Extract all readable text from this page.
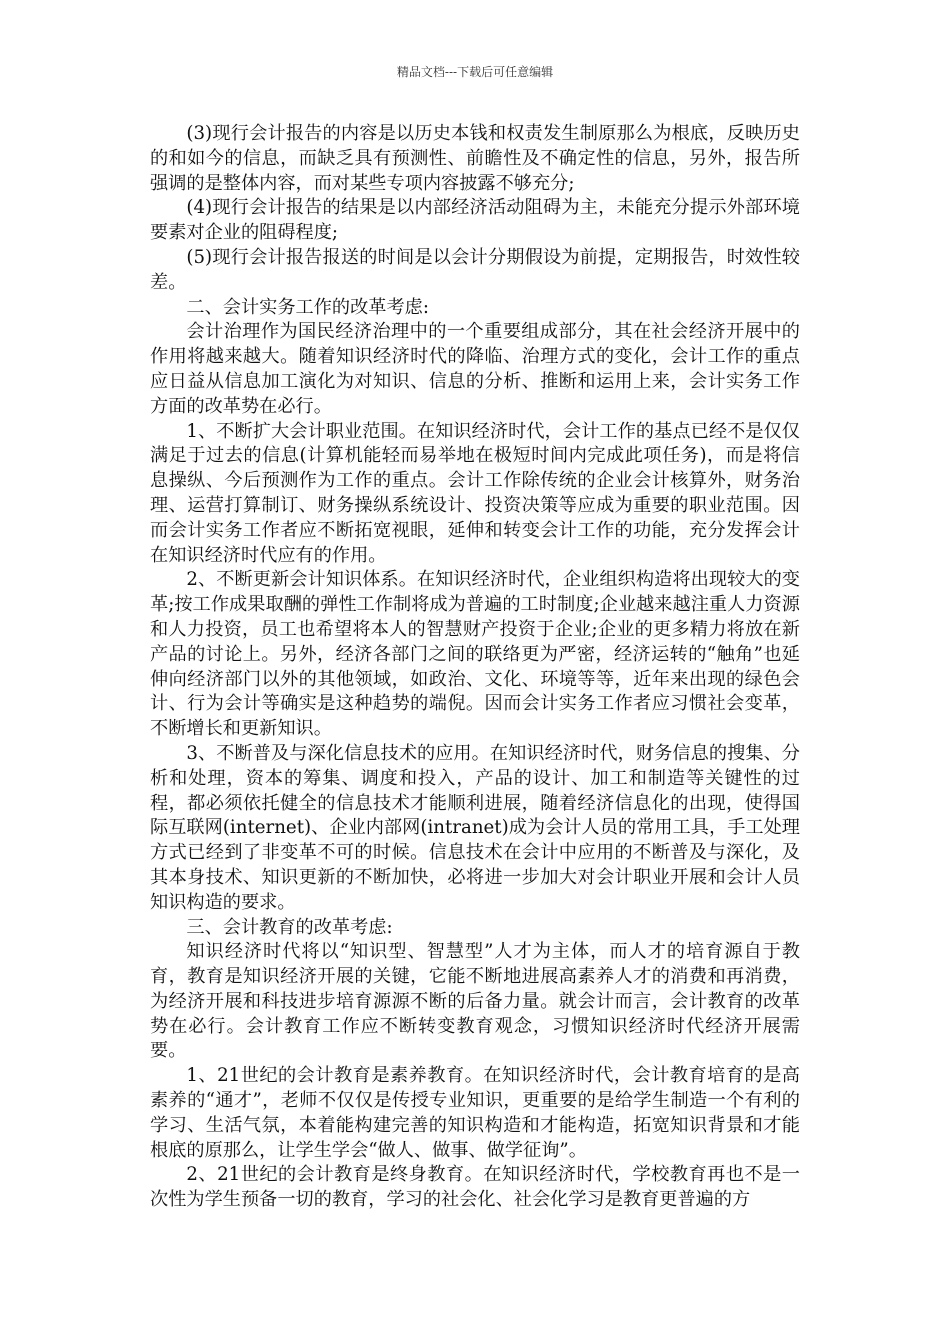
精品文档---下载后可任意编辑

(3)现行会计报告的内容是以历史本钱和权责发生制原那么为根底，反映历史的和如今的信息，而缺乏具有预测性、前瞻性及不确定性的信息，另外，报告所强调的是整体内容，而对某些专项内容披露不够充分;

(4)现行会计报告的结果是以内部经济活动阻碍为主，未能充分提示外部环境要素对企业的阻碍程度;

(5)现行会计报告报送的时间是以会计分期假设为前提，定期报告，时效性较差。

二、会计实务工作的改革考虑:

会计治理作为国民经济治理中的一个重要组成部分，其在社会经济开展中的作用将越来越大。随着知识经济时代的降临、治理方式的变化，会计工作的重点应日益从信息加工演化为对知识、信息的分析、推断和运用上来，会计实务工作方面的改革势在必行。

1、不断扩大会计职业范围。在知识经济时代，会计工作的基点已经不是仅仅满足于过去的信息(计算机能轻而易举地在极短时间内完成此项任务)，而是将信息操纵、今后预测作为工作的重点。会计工作除传统的企业会计核算外，财务治理、运营打算制订、财务操纵系统设计、投资决策等应成为重要的职业范围。因而会计实务工作者应不断拓宽视眼，延伸和转变会计工作的功能，充分发挥会计在知识经济时代应有的作用。

2、不断更新会计知识体系。在知识经济时代，企业组织构造将出现较大的变革;按工作成果取酬的弹性工作制将成为普遍的工时制度;企业越来越注重人力资源和人力投资，员工也希望将本人的智慧财产投资于企业;企业的更多精力将放在新产品的讨论上。另外，经济各部门之间的联络更为严密，经济运转的“触角”也延伸向经济部门以外的其他领域，如政治、文化、环境等等，近年来出现的绿色会计、行为会计等确实是这种趋势的端倪。因而会计实务工作者应习惯社会变革，不断增长和更新知识。

3、不断普及与深化信息技术的应用。在知识经济时代，财务信息的搜集、分析和处理，资本的筹集、调度和投入，产品的设计、加工和制造等关键性的过程，都必须依托健全的信息技术才能顺利进展，随着经济信息化的出现，使得国际互联网(internet)、企业内部网(intranet)成为会计人员的常用工具，手工处理方式已经到了非变革不可的时候。信息技术在会计中应用的不断普及与深化，及其本身技术、知识更新的不断加快，必将进一步加大对会计职业开展和会计人员知识构造的要求。

三、会计教育的改革考虑:

知识经济时代将以“知识型、智慧型”人才为主体，而人才的培育源自于教育，教育是知识经济开展的关键，它能不断地进展高素养人才的消费和再消费，为经济开展和科技进步培育源源不断的后备力量。就会计而言，会计教育的改革势在必行。会计教育工作应不断转变教育观念，习惯知识经济时代经济开展需要。

1、21世纪的会计教育是素养教育。在知识经济时代，会计教育培育的是高素养的“通才”，老师不仅仅是传授专业知识，更重要的是给学生制造一个有利的学习、生活气氛，本着能构建完善的知识构造和才能构造，拓宽知识背景和才能根底的原那么，让学生学会“做人、做事、做学征询”。

2、21世纪的会计教育是终身教育。在知识经济时代，学校教育再也不是一次性为学生预备一切的教育，学习的社会化、社会化学习是教育更普遍的方
